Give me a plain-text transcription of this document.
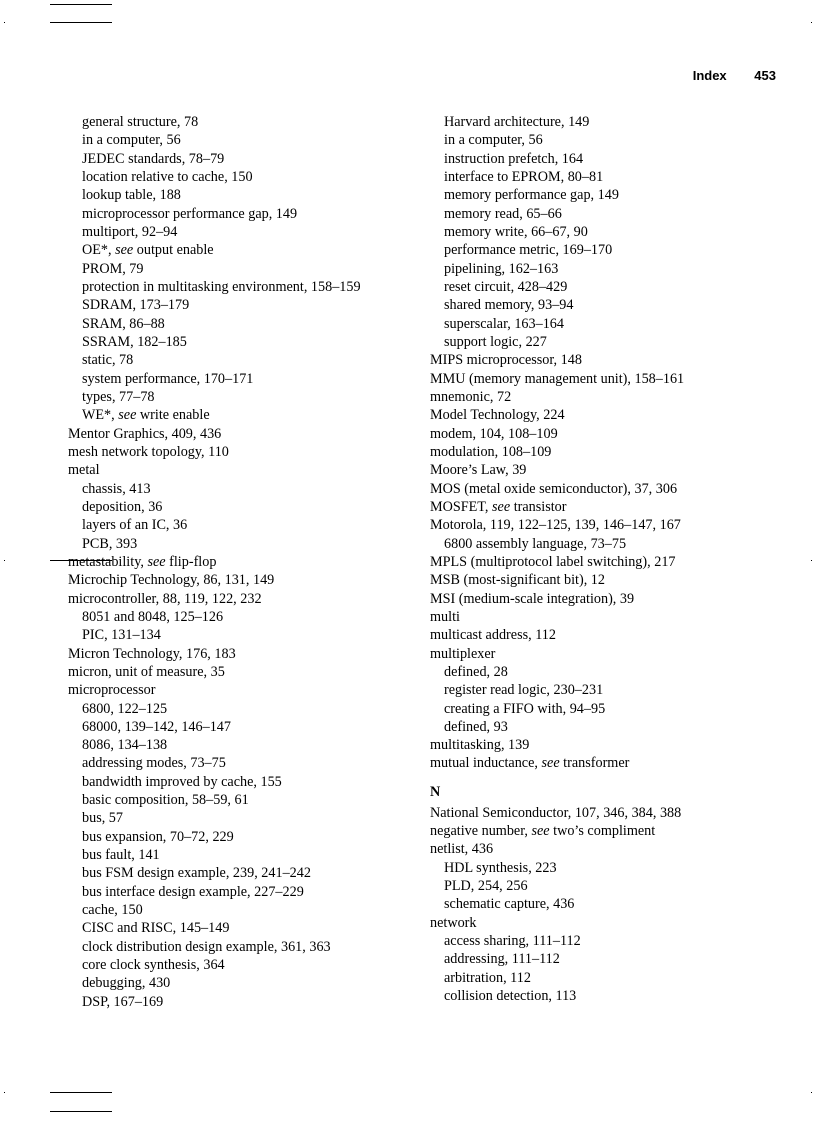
Index 453
general structure, 78
in a computer, 56
JEDEC standards, 78–79
location relative to cache, 150
lookup table, 188
microprocessor performance gap, 149
multiport, 92–94
OE*, see output enable
PROM, 79
protection in multitasking environment, 158–159
SDRAM, 173–179
SRAM, 86–88
SSRAM, 182–185
static, 78
system performance, 170–171
types, 77–78
WE*, see write enable
Mentor Graphics, 409, 436
mesh network topology, 110
metal
chassis, 413
deposition, 36
layers of an IC, 36
PCB, 393
metastability, see flip-flop
Microchip Technology, 86, 131, 149
microcontroller, 88, 119, 122, 232
8051 and 8048, 125–126
PIC, 131–134
Micron Technology, 176, 183
micron, unit of measure, 35
microprocessor
6800, 122–125
68000, 139–142, 146–147
8086, 134–138
addressing modes, 73–75
bandwidth improved by cache, 155
basic composition, 58–59, 61
bus, 57
bus expansion, 70–72, 229
bus fault, 141
bus FSM design example, 239, 241–242
bus interface design example, 227–229
cache, 150
CISC and RISC, 145–149
clock distribution design example, 361, 363
core clock synthesis, 364
debugging, 430
DSP, 167–169
Harvard architecture, 149
in a computer, 56
instruction prefetch, 164
interface to EPROM, 80–81
memory performance gap, 149
memory read, 65–66
memory write, 66–67, 90
performance metric, 169–170
pipelining, 162–163
reset circuit, 428–429
shared memory, 93–94
superscalar, 163–164
support logic, 227
MIPS microprocessor, 148
MMU (memory management unit), 158–161
mnemonic, 72
Model Technology, 224
modem, 104, 108–109
modulation, 108–109
Moore’s Law, 39
MOS (metal oxide semiconductor), 37, 306
MOSFET, see transistor
Motorola, 119, 122–125, 139, 146–147, 167
6800 assembly language, 73–75
MPLS (multiprotocol label switching), 217
MSB (most-significant bit), 12
MSI (medium-scale integration), 39
multi
multicast address, 112
multiplexer
defined, 28
register read logic, 230–231
creating a FIFO with, 94–95
defined, 93
multitasking, 139
mutual inductance, see transformer
N
National Semiconductor, 107, 346, 384, 388
negative number, see two’s compliment
netlist, 436
HDL synthesis, 223
PLD, 254, 256
schematic capture, 436
network
access sharing, 111–112
addressing, 111–112
arbitration, 112
collision detection, 113
